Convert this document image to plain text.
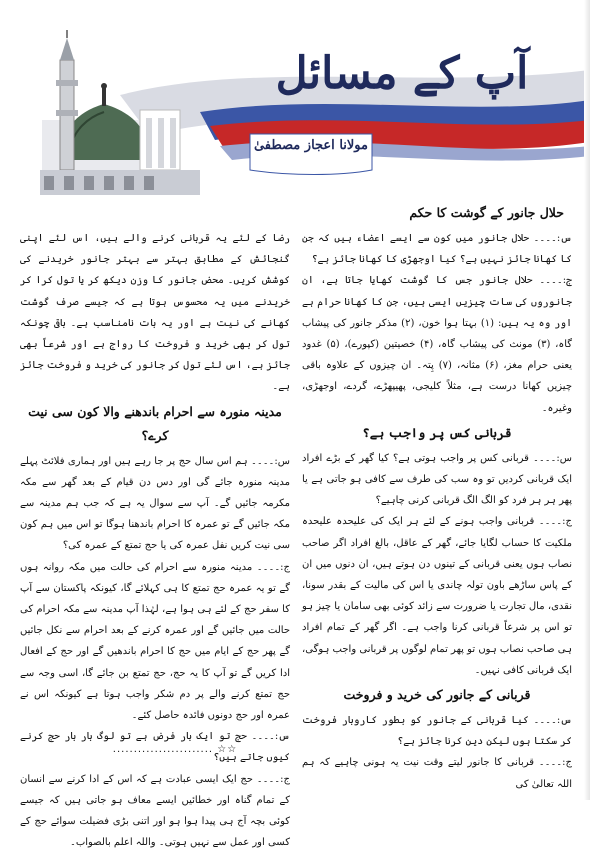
آپ کے مسائل
مولانا اعجاز مصطفیٰ

حلال جانور کے گوشت کا حکم

س:۔۔۔۔ حلال جانور میں کون سے ایسے اعضاء ہیں کہ جن کا کھانا جائز نہیں ہے؟ کیا اوجھڑی کا کھانا جائز ہے؟

ج:۔۔۔۔ حلال جانور جس کا گوشت کھایا جاتا ہے، ان جانوروں کی سات چیزیں ایسی ہیں، جن کا کھانا حرام ہے اور وہ یہ ہیں: (۱) بہتا ہوا خون، (۲) مذکر جانور کی پیشاب گاہ، (۳) مونث کی پیشاب گاہ، (۴) خصیتین (کپورے)، (۵) غدود یعنی حرام مغز، (۶) مثانہ، (۷) پِتہ۔ ان چیزوں کے علاوہ باقی چیزیں کھانا درست ہے، مثلاً کلیجی، پھیپھڑے، گردے، اوجھڑی، وغیرہ۔

قربانی کس پر واجب ہے؟

س:۔۔۔۔ قربانی کس پر واجب ہوتی ہے؟ کیا گھر کے بڑے افراد ایک قربانی کردیں تو وہ سب کی طرف سے کافی ہو جاتی ہے یا پھر ہر ہر فرد کو الگ الگ قربانی کرنی چاہیے؟

ج:۔۔۔۔ قربانی واجب ہونے کے لئے ہر ایک کی علیحدہ علیحدہ ملکیت کا حساب لگایا جائے، گھر کے عاقل، بالغ افراد اگر صاحب نصاب ہوں یعنی قربانی کے تینوں دن ہوتے ہیں، ان دنوں میں ان کے پاس ساڑھے باون تولہ چاندی یا اس کی مالیت کے بقدر سونا، نقدی، مال تجارت یا ضرورت سے زائد کوئی بھی سامان یا چیز ہو تو اس پر شرعاً قربانی کرنا واجب ہے۔ اگر گھر کے تمام افراد ہی صاحب نصاب ہوں تو پھر تمام لوگوں پر قربانی واجب ہوگی، ایک قربانی کافی نہیں۔

قربانی کے جانور کی خرید و فروخت

س:۔۔۔۔ کیا قربانی کے جانور کو بطور کاروبار فروخت کر سکتا ہوں لیکن دین کرنا جائز ہے؟

ج:۔۔۔۔ قربانی کا جانور لیتے وقت نیت یہ ہونی چاہیے کہ ہم اللہ تعالیٰ کی

رضا کے لئے یہ قربانی کرنے والے ہیں، اس لئے اپنی گنجائش کے مطابق بہتر سے بہتر جانور خریدنے کی کوشش کریں۔ محض جانور کا وزن دیکھ کر یا تول کرا کر خریدنے میں یہ محسوس ہوتا ہے کہ جیسے صرف گوشت کھانے کی نیت ہے اور یہ بات نامناسب ہے۔ باقی چونکہ تول کر بھی خرید و فروخت کا رواج ہے اور شرعاً بھی جائز ہے، اس لئے تول کر جانور کی خرید و فروخت جائز ہے۔

مدینہ منورہ سے احرام باندھنے والا کون سی نیت کرے؟

س:۔۔۔۔ ہم اس سال حج پر جا رہے ہیں اور ہماری فلائٹ پہلے مدینہ منورہ جائے گی اور دس دن قیام کے بعد گھر سے مکہ مکرمہ جائیں گے۔ آپ سے سوال یہ ہے کہ جب ہم مدینہ سے مکہ جائیں گے تو عمرہ کا احرام باندھنا ہوگا تو اس میں ہم کون سی نیت کریں نفل عمرہ کی یا حج تمتع کے عمرہ کی؟

ج:۔۔۔۔ مدینہ منورہ سے احرام کی حالت میں مکہ روانہ ہوں گے تو یہ عمرہ حج تمتع کا ہی کہلائے گا، کیونکہ پاکستان سے آپ کا سفر حج کے لئے ہی ہوا ہے، لہٰذا آپ مدینہ سے مکہ احرام کی حالت میں جائیں گے اور عمرہ کرنے کے بعد احرام سے نکل جائیں گے پھر حج کے ایام میں حج کا احرام باندھیں گے اور حج کے افعال ادا کریں گے تو آپ کا یہ حج، حج تمتع بن جائے گا، اسی وجہ سے حج تمتع کرنے والے پر دم شکر واجب ہوتا ہے کیونکہ اس نے عمرہ اور حج دونوں فائدہ حاصل کئے۔

س:۔۔۔۔ حج تو ایک بار فرض ہے تو لوگ بار بار حج کرنے کیوں جاتے ہیں؟

ج:۔۔۔۔ حج ایک ایسی عبادت ہے کہ اس کے ادا کرنے سے انسان کے تمام گناہ اور خطائیں ایسے معاف ہو جاتی ہیں کہ جیسے کوئی بچہ آج ہی پیدا ہوا ہو اور اتنی بڑی فضیلت سوائے حج کے کسی اور عمل سے نہیں ہوتی۔ واللہ اعلم بالصواب۔

☆☆ ........................
